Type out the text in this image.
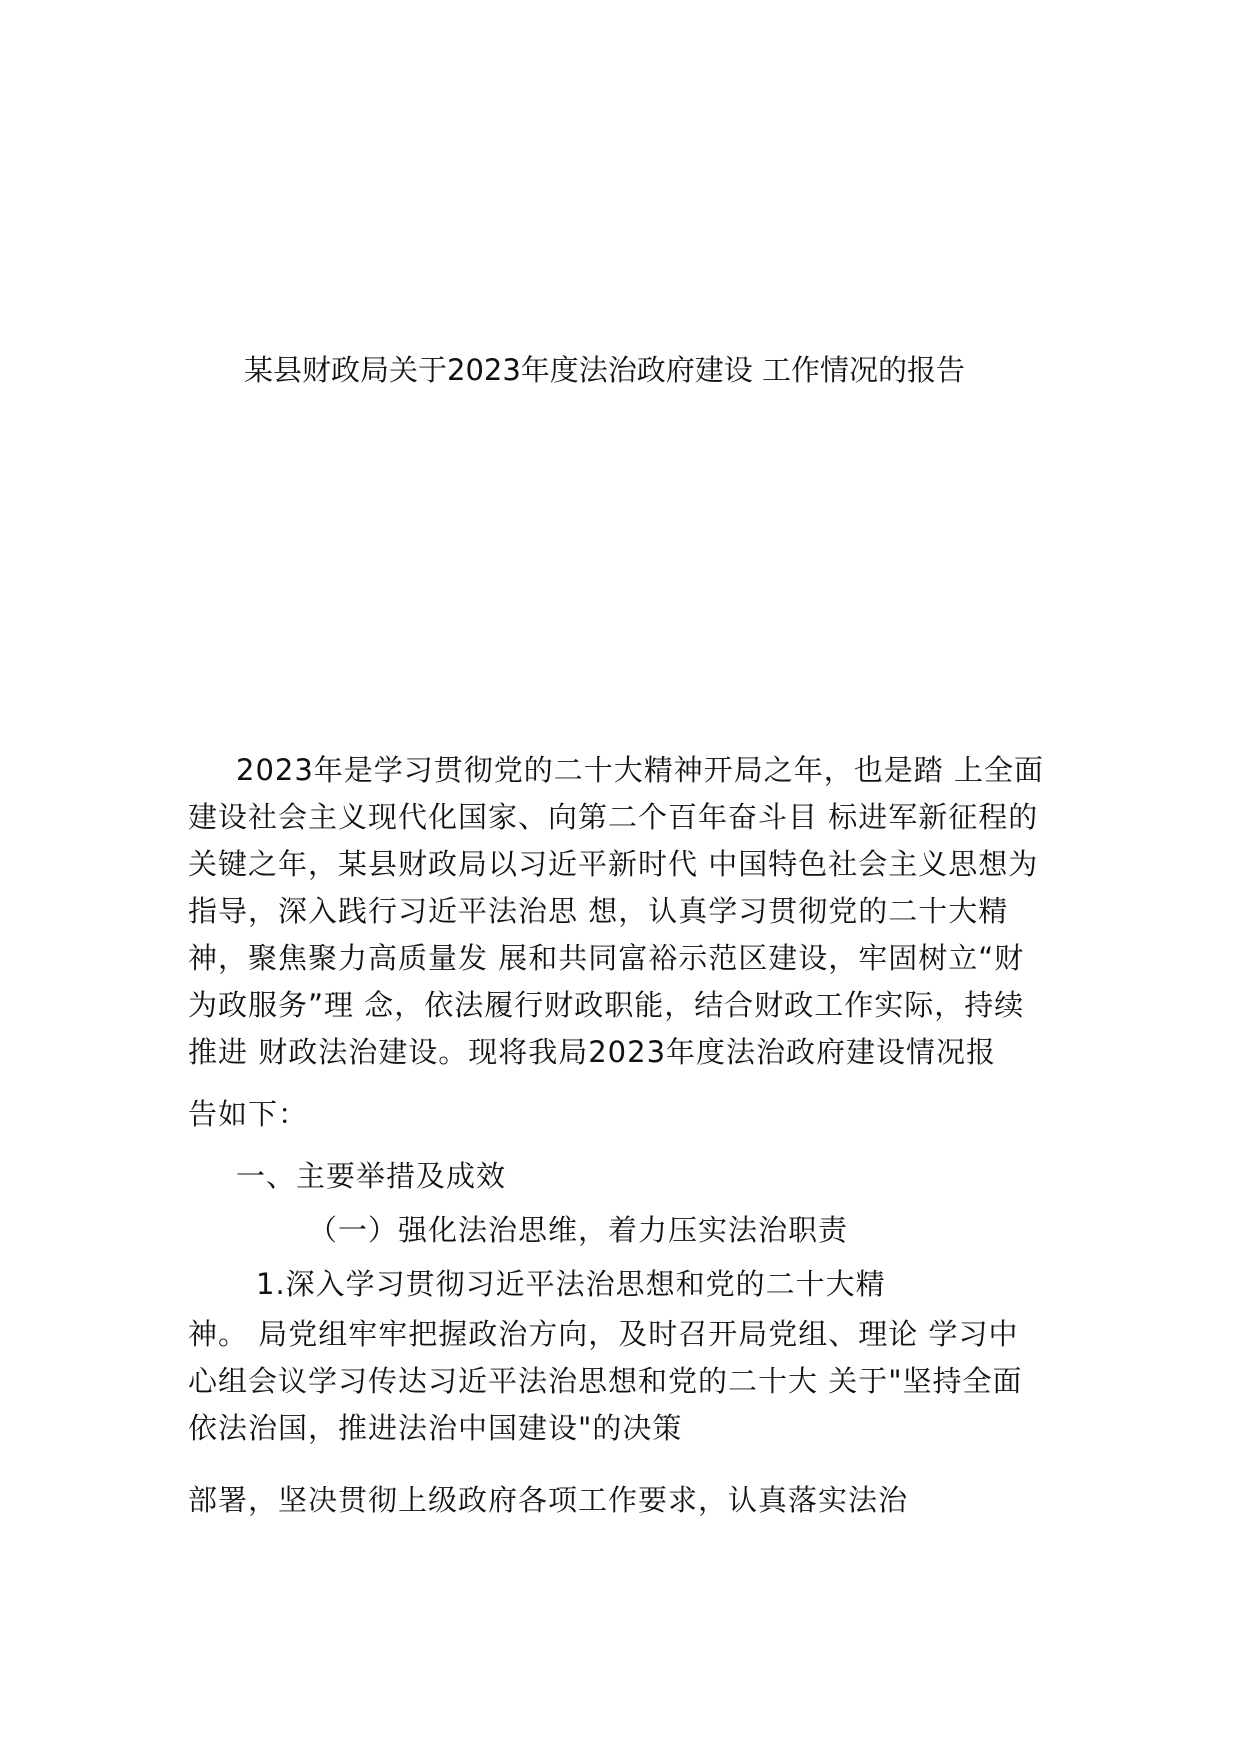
某县财政局关于2023年度法治政府建设 工作情况的报告
2023年是学习贯彻党的二十大精神开局之年，也是踏 上全面
建设社会主义现代化国家、向第二个百年奋斗目 标进军新征程的
关键之年，某县财政局以习近平新时代 中国特色社会主义思想为
指导，深入践行习近平法治思 想，认真学习贯彻党的二十大精
神，聚焦聚力高质量发 展和共同富裕示范区建设，牢固树立“财
为政服务”理 念，依法履行财政职能，结合财政工作实际，持续
推进 财政法治建设。现将我局2023年度法治政府建设情况报
告如下：
一、主要举措及成效
（一）强化法治思维，着力压实法治职责
1.深入学习贯彻习近平法治思想和党的二十大精
神。 局党组牢牢把握政治方向，及时召开局党组、理论 学习中
心组会议学习传达习近平法治思想和党的二十大 关于"坚持全面
依法治国，推进法治中国建设"的决策
部署，坚决贯彻上级政府各项工作要求，认真落实法治
